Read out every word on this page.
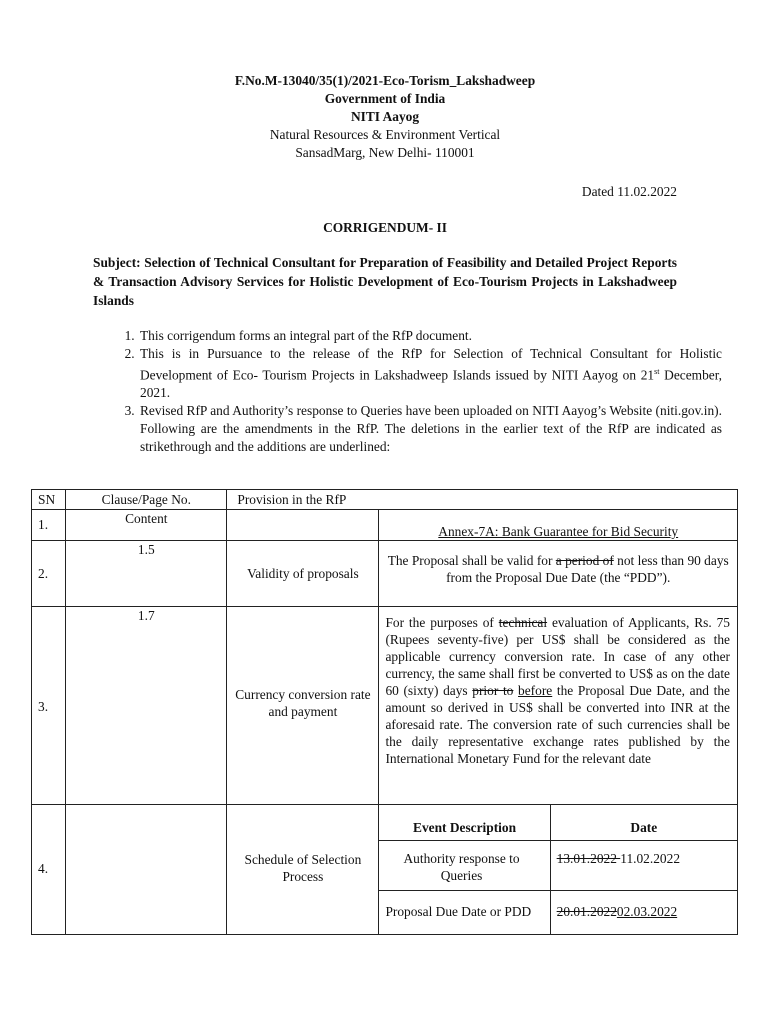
F.No.M-13040/35(1)/2021-Eco-Torism_Lakshadweep
Government of India
NITI Aayog
Natural Resources & Environment Vertical
SansadMarg, New Delhi- 110001
Dated 11.02.2022
CORRIGENDUM- II
Subject: Selection of Technical Consultant for Preparation of Feasibility and Detailed Project Reports & Transaction Advisory Services for Holistic Development of Eco-Tourism Projects in Lakshadweep Islands
1. This corrigendum forms an integral part of the RfP document.
2. This is in Pursuance to the release of the RfP for Selection of Technical Consultant for Holistic Development of Eco- Tourism Projects in Lakshadweep Islands issued by NITI Aayog on 21st December, 2021.
3. Revised RfP and Authority’s response to Queries have been uploaded on NITI Aayog’s Website (niti.gov.in). Following are the amendments in the RfP. The deletions in the earlier text of the RfP are indicated as strikethrough and the additions are underlined:
SN	Clause/Page No.	Provision in the RfP		
1.	Content		Annex-7A: Bank Guarantee for Bid Security	
2.	1.5	Validity of proposals	The Proposal shall be valid for a period of not less than 90 days from the Proposal Due Date (the “PDD”).	
3.	1.7	Currency conversion rate and payment	For the purposes of technical evaluation of Applicants, Rs. 75 (Rupees seventy-five) per US$ shall be considered as the applicable currency conversion rate. In case of any other currency, the same shall first be converted to US$ as on the date 60 (sixty) days prior to before the Proposal Due Date, and the amount so derived in US$ shall be converted into INR at the aforesaid rate. The conversion rate of such currencies shall be the daily representative exchange rates published by the International Monetary Fund for the relevant date	
4.		Schedule of Selection Process	Event Description	Date
			Authority response to Queries	13.01.2022 11.02.2022
			Proposal Due Date or PDD	20.01.202202.03.2022
